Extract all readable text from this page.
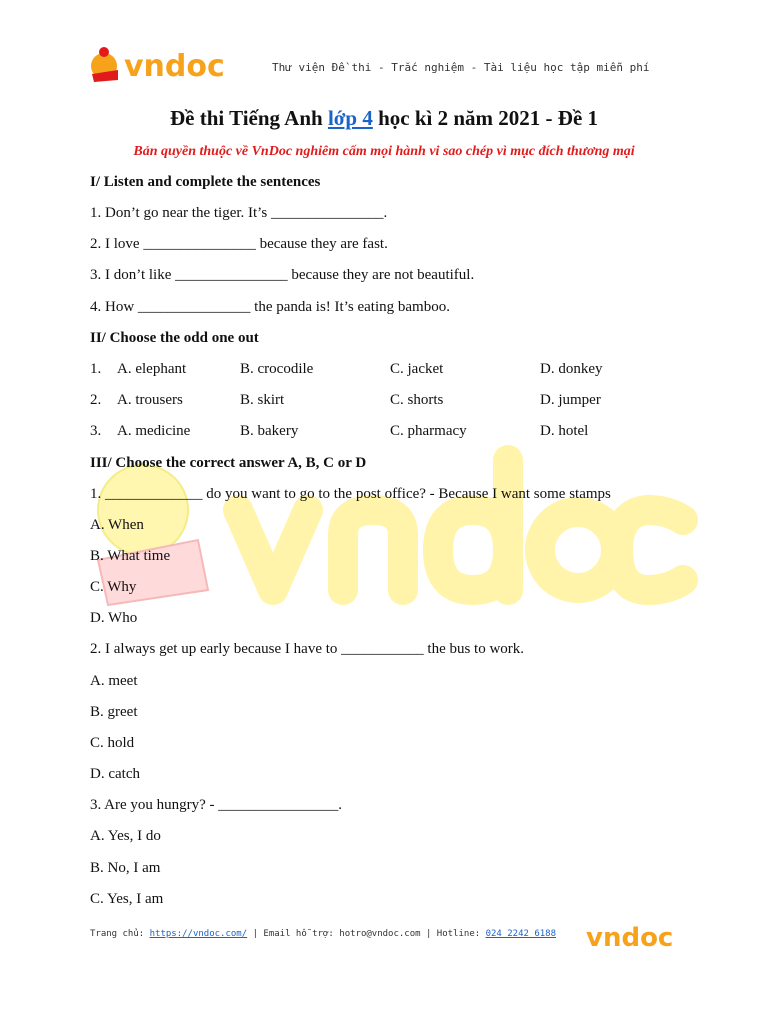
vndoc	Thư viện Đề thi - Trắc nghiệm - Tài liệu học tập miễn phí
Đề thi Tiếng Anh lớp 4 học kì 2 năm 2021 - Đề 1
Bản quyền thuộc về VnDoc nghiêm cấm mọi hành vi sao chép vì mục đích thương mại
I/ Listen and complete the sentences
1. Don’t go near the tiger. It’s _______________.
2. I love _______________ because they are fast.
3. I don’t like _______________ because they are not beautiful.
4. How _______________ the panda is! It’s eating bamboo.
II/ Choose the odd one out
1. A. elephant	B. crocodile	C. jacket	D. donkey
2. A. trousers	B. skirt	C. shorts	D. jumper
3. A. medicine	B. bakery	C. pharmacy	D. hotel
III/ Choose the correct answer A, B, C or D
1. _____________ do you want to go to the post office? - Because I want some stamps
A. When
B. What time
C. Why
D. Who
2. I always get up early because I have to ___________ the bus to work.
A. meet
B. greet
C. hold
D. catch
3. Are you hungry? - ________________.
A. Yes, I do
B. No, I am
C. Yes, I am
Trang chủ: https://vndoc.com/ | Email hỗ trợ: hotro@vndoc.com | Hotline: 024 2242 6188 vndoc
